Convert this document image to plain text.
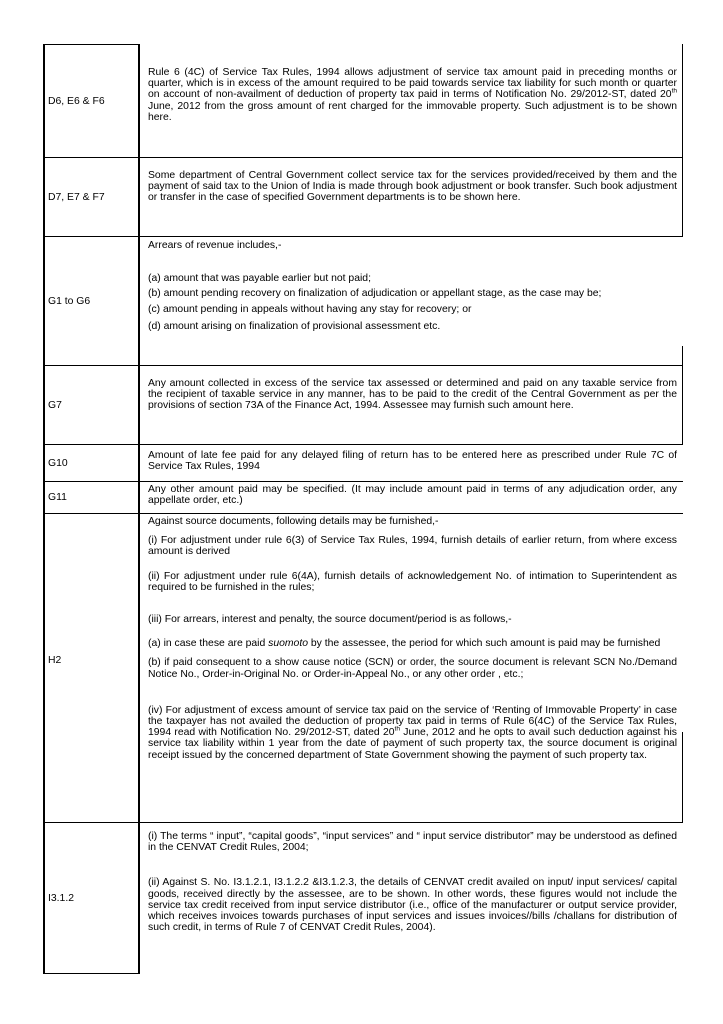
D6, E6 & F6

Rule 6 (4C) of Service Tax Rules, 1994 allows adjustment of service tax amount paid in preceding months or quarter, which is in excess of the amount required to be paid towards service tax liability for such month or quarter on account of non-availment of deduction of property tax paid in terms of Notification No. 29/2012-ST, dated 20th June, 2012 from the gross amount of rent charged for the immovable property. Such adjustment is to be shown here.

D7, E7 & F7

Some department of Central Government collect service tax for the services provided/received by them and the payment of said tax to the Union of India is made through book adjustment or book transfer. Such book adjustment or transfer in the case of specified Government departments is to be shown here.

G1 to G6

Arrears of revenue includes,-

(a) amount that was payable earlier but not paid;

(b) amount pending recovery on finalization of adjudication or appellant stage, as the case may be;

(c) amount pending in appeals without having any stay for recovery; or

(d) amount arising on finalization of provisional assessment etc.

G7

Any amount collected in excess of the service tax assessed or determined and paid on any taxable service from the recipient of taxable service in any manner, has to be paid to the credit of the Central Government as per the provisions of section 73A of the Finance Act, 1994. Assessee may furnish such amount here.

G10

Amount of late fee paid for any delayed filing of return has to be entered here as prescribed under Rule 7C of Service Tax Rules, 1994

G11

Any other amount paid may be specified. (It may include amount paid in terms of any adjudication order, any appellate order, etc.)

H2

Against source documents, following details may be furnished,-

(i) For adjustment under rule 6(3) of Service Tax Rules, 1994, furnish details of earlier return, from where excess amount is derived

(ii) For adjustment under rule 6(4A), furnish details of acknowledgement No. of intimation to Superintendent as required to be furnished in the rules;

(iii) For arrears, interest and penalty, the source document/period is as follows,-

(a) in case these are paid suomoto by the assessee, the period for which such amount is paid may be furnished

(b) if paid consequent to a show cause notice (SCN) or order, the source document is relevant SCN No./Demand Notice No., Order-in-Original No. or Order-in-Appeal No., or any other order , etc.;

(iv) For adjustment of excess amount of service tax paid on the service of ‘Renting of Immovable Property’ in case the taxpayer has not availed the deduction of property tax paid in terms of Rule 6(4C) of the Service Tax Rules, 1994 read with Notification No. 29/2012-ST, dated 20th June, 2012 and he opts to avail such deduction against his service tax liability within 1 year from the date of payment of such property tax, the source document is original receipt issued by the concerned department of State Government showing the payment of such property tax.

I3.1.2

(i) The terms “ input”, “capital goods”, “input services” and “ input service distributor” may be understood as defined in the CENVAT Credit Rules, 2004;

(ii) Against S. No. I3.1.2.1, I3.1.2.2 &I3.1.2.3, the details of CENVAT credit availed on input/ input services/ capital goods, received directly by the assessee, are to be shown. In other words, these figures would not include the service tax credit received from input service distributor (i.e., office of the manufacturer or output service provider, which receives invoices towards purchases of input services and issues invoices//bills /challans for distribution of such credit, in terms of Rule 7 of CENVAT Credit Rules, 2004).
